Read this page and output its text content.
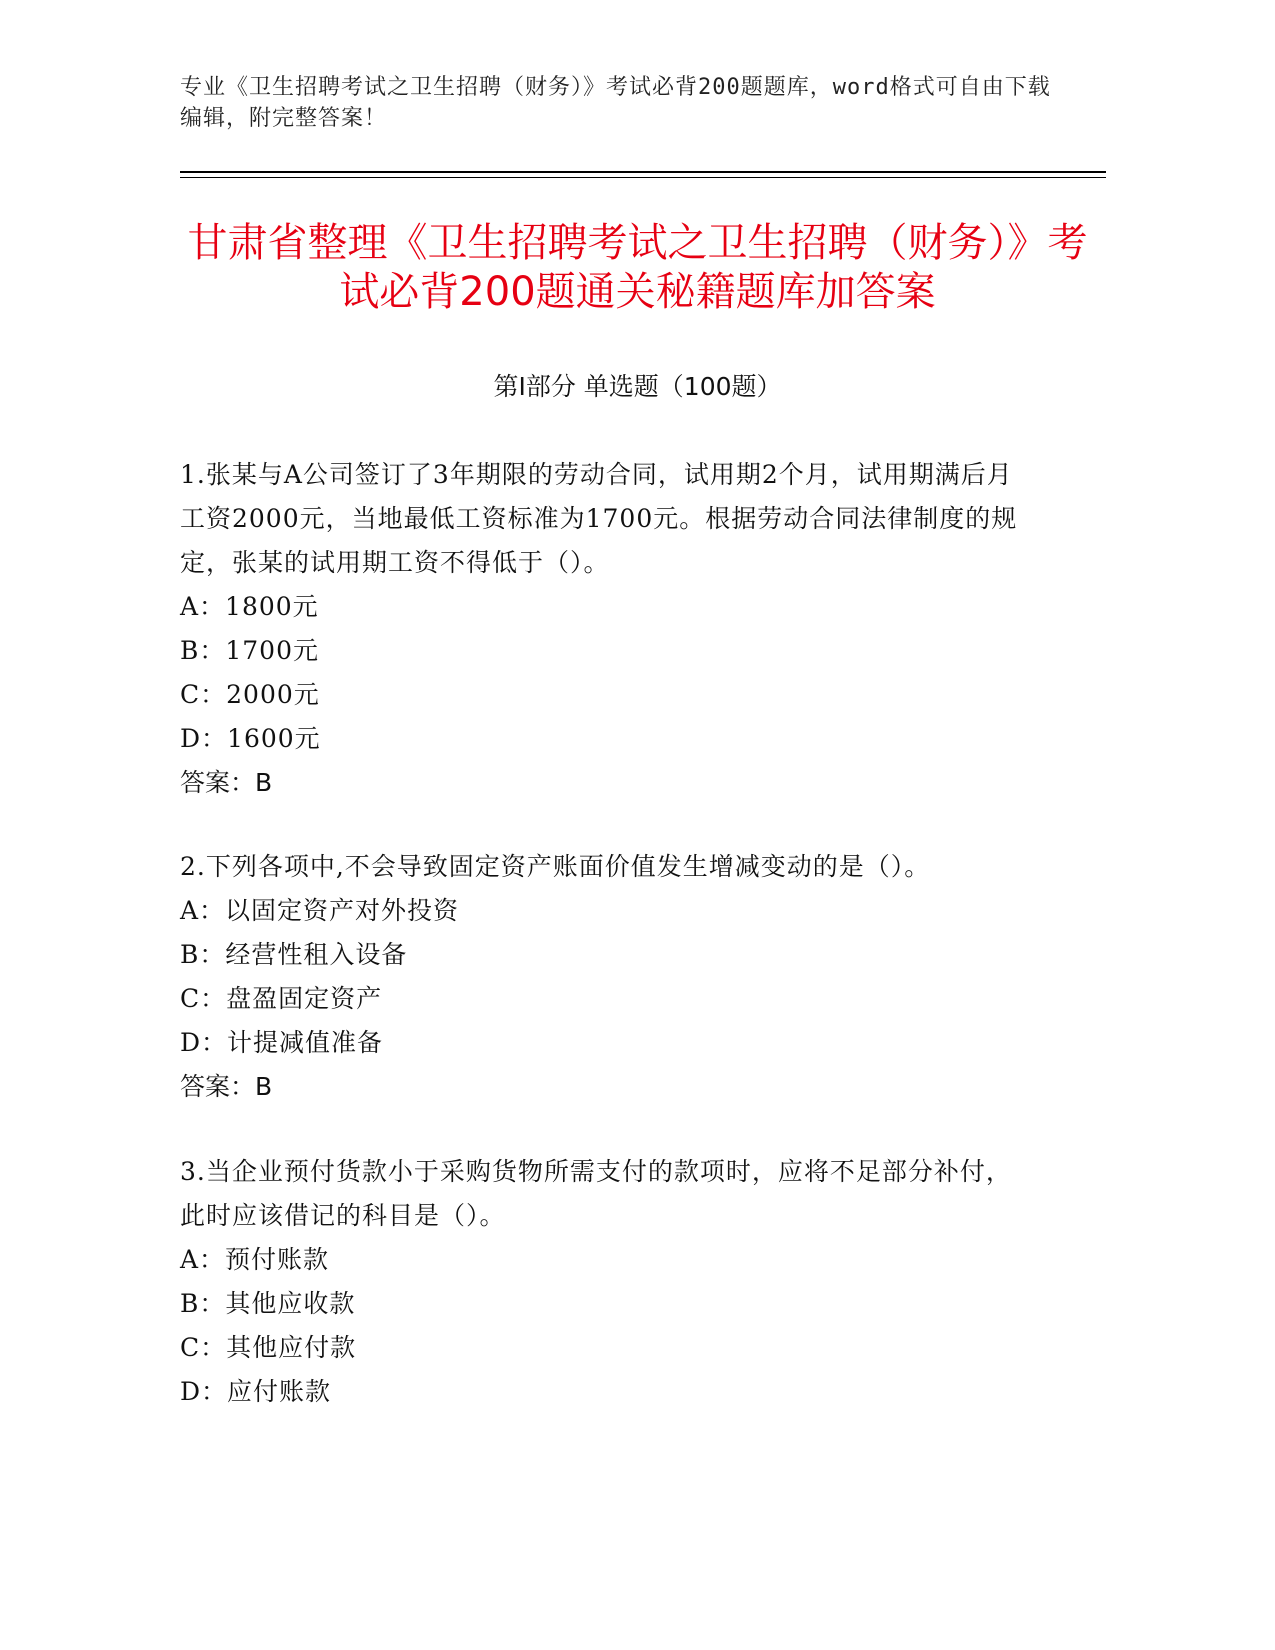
专业《卫生招聘考试之卫生招聘（财务）》考试必背200题题库，word格式可自由下载编辑，附完整答案！
甘肃省整理《卫生招聘考试之卫生招聘（财务）》考试必背200题通关秘籍题库加答案
第I部分 单选题（100题）

1.张某与A公司签订了3年期限的劳动合同，试用期2个月，试用期满后月工资2000元，当地最低工资标准为1700元。根据劳动合同法律制度的规定，张某的试用期工资不得低于（）。

A：1800元

B：1700元

C：2000元

D：1600元

答案：B

2.下列各项中,不会导致固定资产账面价值发生增减变动的是（）。

A：以固定资产对外投资

B：经营性租入设备

C：盘盈固定资产

D：计提减值准备

答案：B

3.当企业预付货款小于采购货物所需支付的款项时，应将不足部分补付，此时应该借记的科目是（）。

A：预付账款

B：其他应收款

C：其他应付款

D：应付账款
